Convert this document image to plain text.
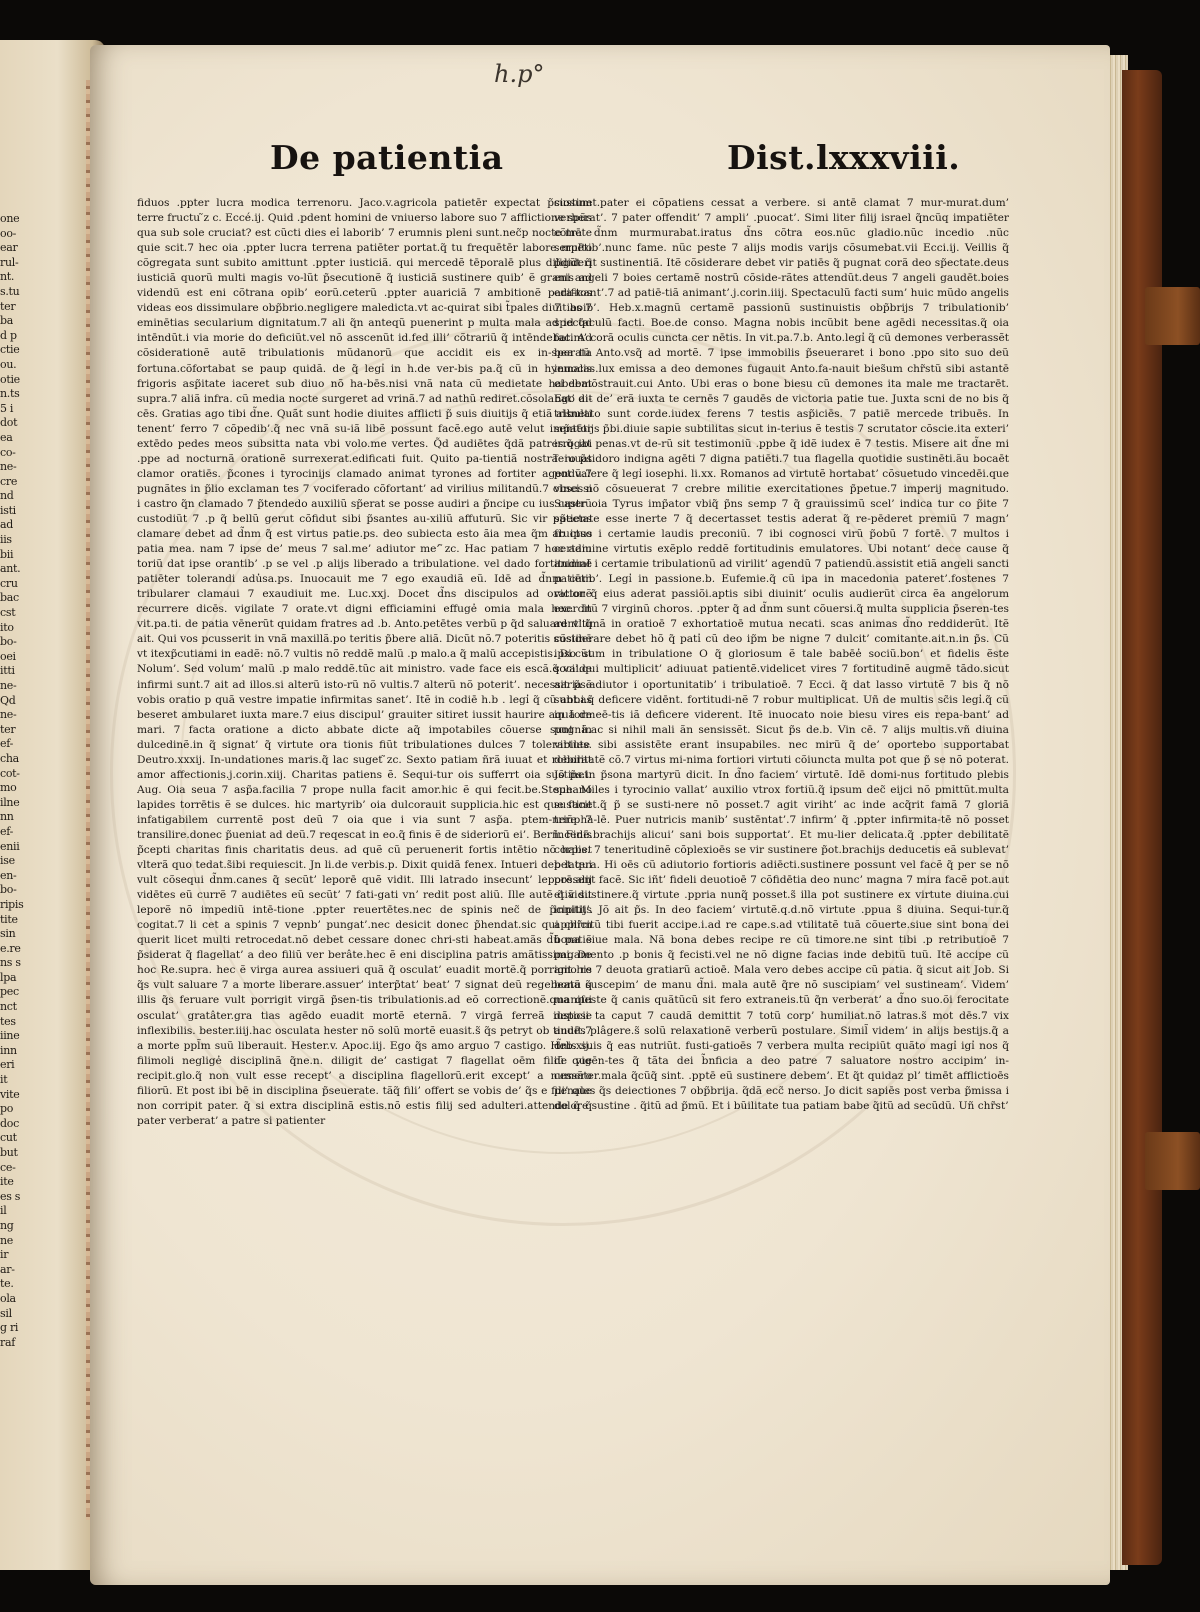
one
oo-
ear
rul-
nt.
s.tu
ter
ba
d p
ctie
ou.
otie
n.ts
5 i
dot
ea
co-
ne-
cre
nd
isti
ad
iis
bii
ant.
cru
bac
cst
ito
bo-
oei
itti
ne-
Qd
ne-
ter
ef-
cha
cot-
mo
ilne
nn
ef-
enii
ise
en-
bo-
ripis
tite
sin
e.re
ns s
lpa
pec
nct
tes
iine
inn
eri
it
vite
po
doc
cut
but
ce-
ite
es s
il
ng
ne
ir
ar-
te.
ola
sil
g ri
raf
h.p°
De patientia	Dist.lxxxviii.

fiduos .ppter lucra modica terrenoru. Jaco.v.agricola patietēr expectat p̃ciosum terre fructu ̃z c. Eccé.ij. Quid .pdent homini de vniuerso labore suo 7 afflictione spũs qua sub sole cruciat? est cũcti dies ei̓ laborib’ 7 erumnis pleni sunt.nec̃p nocte mēte quie scit.7 hec oia .ppter lucra terrena patiēter portat.q̃ tu frequētēr labore multo cõgregata sunt subito amittunt .ppter iusticiã. qui mercedẽ tēporalē plus diligũt q̃ iusticiã quorũ multi magis vo-lũt p̃secutionẽ q̃ iusticiã sustinere quib’ ẽ granis ad videndũ est eni cõtrana opib’ eorũ.ceterũ .ppter auariciã 7 ambitionẽ para-tos videas eos dissimulare obp̃brio.negligere maledicta.vt ac-quirat sibi t̃pales diuitias 7 eminētias secularium dignitatum.7 ali q̃n anteqũ puenerint p multa mala ad id q̃d intēndũt.i via morie do deficiũt.vel nõ asscenũt id.fed illi’ cõtrariũ q̃ intēndebat. Ad cõsiderationẽ autẽ tribulationis mũdanorũ que accidit eis ex in-sperata fortuna.cõfortabat se paup quidã. de q̃ legi̓ in h.de ver-bis pa.q̃ cũ in hyemalis frigoris asp̃itate iaceret sub diuo nõ ha-bēs.nisi vnã nata cũ medietate habebat supra.7 aliã infra. cũ media nocte surgeret ad vrinã.7 ad nathũ rediret.cõsolabat’ di-cēs. Gratias ago tibi d̃ne. Quãt sunt hodie diuites afflicti p̃ suis diuitijs q̃ etiã alsneti tenent’ ferro 7 cõpedib’.q̃ nec vnã su-iã libẽ possunt facẽ.ego autē velut imp̃ator extēdo pedes meos subsitta nata vbi volo.me vertes. Q̃d audiētes q̃dã patres.q̃ ibi .ppe ad nocturnã orationẽ surrexerat.edificati fuit. Quito pa-tientiã nostrã iuuat clamor oratiēs. p̃cones i tyrocinijs clamado animat tyrones ad fortiter agendũ.7 pugnãtes in p̃lio exclaman tes 7 vociferado cõfortant’ ad virilius militandũ.7 obsessi i castro q̃n clamado 7 p̃tendedo auxiliũ sp̃erat se posse audiri a p̃ncipe cu ius castrũ custodiũt 7 .p q̃ bellũ gerut cõfidut sibi p̃santes au-xiliũ affuturũ. Sic vir patiens clamare debet ad d̃nm q̃ est virtus patie.ps. deo subiecta esto ãia mea q̃m ab ipso patia mea. nam 7 ipse de’ meus 7 sal.me’ adiutor me’ ̃zc. Hac patiam 7 hoc adiu toriũ dat ipse orantib’ .p se vel .p alijs liberado a tribulatione. vel dado fortitudinẽ patiēter tolerandi adu̓sa.ps. Inuocauit me 7 ego exaudiã eũ. Idē ad d̃nm cum tribularer clamaui 7 exaudiuit me. Luc.xxj. Docet d̃ns discipulos ad orationẽ recurrere dicēs. vigilate 7 orate.vt digni efficiamini effuge̓ omia mala hec. In vit.pa.ti. de patia vēnerũt quidam fratres ad .b. Anto.petētes verbũ p q̃d saluarent’.q̃ ait. Qui vos pcusserit in vnã maxillã.po teritis p̃bere aliã. Dicũt nõ.7 poteritis sustinē vt itexp̃cutiami in eadẽ: nõ.7 vultis nõ reddẽ malũ .p malo.a q̃ malũ accepistis. Di cũt Nolum’. Sed volum’ malũ .p malo reddẽ.tũc ait ministro. vade face eis escã.q̃ valde infirmi sunt.7 ait ad illos.si alterũ isto-rũ nõ vultis.7 alterũ nõ poterit’. necessaria ẽ vobis oratio p quã vestre impatie infirmitas sanet’. Itẽ in codiē h.b . legi̓ q̃ cũ abbas beseret ambularet iuxta mare.7 eius discipul’ grauiter sitiret iussit haurire aquã de mari. 7 facta oratione a dicto abbate dicte aq̃ impotabiles cõuerse sunt in dulcedinẽ.in q̃ signat’ q̃ virtute ora tionis fiũt tribulationes dulces 7 tolerabiles. Deutro.xxxij. In-undationes maris.q̃ lac suget ̃zc. Sexto patiam ñrã iuuat et roborat amor affectionis.j.corin.xiij. Charitas patiens ẽ. Sequi-tur ois sufferrt oia sustinet. Aug. Oia seua 7 asp̃a.facilia 7 prope nulla facit amor.hic ẽ qui fecit.be.Stephano lapides torrētis ẽ se dulces. hic martyrib’ oia dulcorauit supplicia.hic est que facit infatigabilem currentẽ post deũ 7 oia que i via sunt 7 asp̃a. ptem-nere 7 transilire.donec p̃ueniat ad deũ.7 reqescat in eo.q̃ finis ẽ de sideriorũ ei’. Berñ. Finis p̃cepti charitas finis charitatis deus. ad quẽ cũ peruenerit fortis intētio nõ habet vlterã quo tedat.s̃ibi requiescit. Jn li.de verbis.p. Dixit quidã fenex. Intueri debet qui vult cõsequi d̃nm.canes q̃ secũt’ leporē quẽ vidit. Illi latrado insecunt’ leporē.alij vidētes eũ currẽ 7 audiētes eũ secũt’ 7 fati-gati vn’ redit post aliũ. Ille autẽ q̃ vidit leporẽ nõ impediũ intē-tione .ppter reuertētes.nec de spinis nec̃ de p̃cipitijs cogitat.7 li cet a spinis 7 vepnb’ pungat’.nec desicit donec p̃hendat.sic qui chr̃m querit licet multi retrocedat.nõ debet cessare donec chri-sti habeat.amãs d̃ũ patiẽ p̃siderat q̃ flagellat’ a deo filiũ ver berâte.hec ẽ eni disciplina patris amãtissimi. De hoc Re.supra. hec ẽ virga aurea assiueri quã q̃ osculat’ euadit mortẽ.q̃ porrigit his q̃s vult saluare 7 a morte liberare.assuer’ interp̃tat’ beat’ 7 signat deũ regebeatũ q̃ illis q̃s feruare vult porrigit virgã p̃sen-tis tribulationis.ad eõ correctionẽ.qua qui osculat’ gratâter.gra tias agēdo euadit mortẽ eternã. 7 virgã ferreã iusticie inflexibilis. bester.iiij.hac osculata hester nõ solũ mortẽ euasit.s̃ q̃s petryt ob tinuit.7 a morte ppl̃m suũ liberauit. Hester.v. Apoc.iij. Ego q̃s amo arguo 7 castigo. Heb.xij. filimoli neglige̓ disciplinã q̃ne.n. diligit de’ castigat 7 flagellat oēm filiũ que recipit.glo.q̃ non vult esse recept’ a disciplina flagellorũ.erit except’ a numero filiorũ. Et post ibi bē in disciplina p̃seuerate. tãq̃ fili’ offert se vobis de’ q̃s e fili’ que non corripit pater. q̃ si extra disciplinã estis.nõ estis filij sed adulteri.attende q̃ q̃ pater verberat’ a patre si patienter

sustinet.pater ei cõpatiens cessat a verbere. si antē clamat 7 mur-murat.dum’ verberat’. 7 pater offendit’ 7 ampli’ .puocat’. Simi liter filij israel q̃ncũq impatiēter cõtra d̃nm murmurabat.iratus d̃ns cõtra eos.nũc gladio.nũc incedio .nũc serpētib’.nunc fame. nũc peste 7 alijs modis varijs cõsumebat.vii Ecci.ij. Veillis q̃ p̃diderit sustinentiã. Itẽ cõsiderare debet vir patiēs q̃ pugnat corã deo sp̃ectate.deus eni angeli 7 boies certamẽ nostrũ cõside-rãtes attendũt.deus 7 angeli gaudēt.boies edificant’.7 ad patiē-tiã animant’.j.corin.iiij. Spectaculũ facti sum’ huic mũdo angelis 7 boib’. Heb.x.magnũ certamẽ passionũ sustinuistis obp̃brijs 7 tribulationib’ spectaculũ facti. Boe.de conso. Magna nobis incũbit bene agēdi necessitas.q̃ oia facim’ corã oculis cuncta cer nētis. In vit.pa.7.b. Anto.legi̓ q̃ cũ demones verberassẽt bea tũ Anto.vsq̃ ad mortẽ. 7 ipse immobilis p̃seueraret i bono .ppo sito suo deũ inuocas.lux emissa a deo demones fugauit Anto.fa-nauit bies̃um chr̃stũ sibi astantē ei demõstrauit.cui Anto. Ubi eras o bone biesu cũ demones ita male me tractarēt. Ego ait de’ erã iuxta te cernēs 7 gaudēs de victoria patie tue. Juxta scni de no bis q̃ tribulato sunt corde.iudex ferens 7 testis asp̃iciēs. 7 patiē mercede tribuēs. In sentētijs p̃bi.diuie sapie subtilitas sicut in-terius ẽ testis 7 scrutator cõscie.ita exteri’ irrogat penas.vt de-rũ sit testimoniũ .ppbe q̃ idẽ iudex ẽ 7 testis. Misere ait d̃ne mi fero p̃sidoro indigna agēti 7 digna patiēti.7 tua flagella quotidie sustinēti.ãu bocaēt pot valere q̃ legi̓ iosephi. li.xx. Romanos ad virtutẽ hortabat’ cõsuetudo vincedēi.que vinci nõ cõsueuerat 7 crebre militie exercitationes p̃petue.7 imperij magnitudo. Super oia Tyrus imp̃ator vbiq̃ p̃ns semp 7 q̃ grauissimũ scel’ indica tur co p̃ite 7 sp̃ectate esse inerte 7 q̃ decertasset testis aderat q̃ re-pēderet premiũ 7 magn’ fructus i certamie laudis preconiũ. 7 ibi cognosci virũ p̃obũ 7 fortē. 7 multos i certamine virtutis exẽplo reddẽ fortitudinis emulatores. Ubi notant’ dece cause q̃ animat i certamie tribulationũ ad virilit’ agendũ 7 patiendũ.assistit etiã angeli sancti patiētib’. Legi̓ in passione.b. Eufemie.q̃ cũ ipa in macedonia pateret’.fostenes 7 victor q̃ eius aderat passiõi.aptis sibi diuinit’ oculis audierũt circa ẽa angelorum exercitũ 7 virginũ choros. .ppter q̃ ad d̃nm sunt cõuersi.q̃ multa supplicia p̃seren-tes ad vltimã in oratioē 7 exhortatioē mutua necati. scas animas d̃no reddiderũt. Itẽ cõsiderare debet hõ q̃ pati̓ cũ deo ip̃m be nigne 7 dulcit’ comitante.ait.n.in p̃s. Cũ ipso sum in tribulatione O q̃ gloriosum ẽ tale babēe̓ sociũ.bon’ et fidelis ẽste soci’.qui multiplicit’ adiuuat patientẽ.videlicet vires 7 fortitudinẽ augmē tãdo.sicut ait p̃s.adiutor i oportunitatib’ i tribulatioē. 7 Ecci. q̃ dat lasso virtutẽ 7 bis q̃ nõ sunt.i.q̃ deficere vidēnt. fortitudi-nẽ 7 robur multiplicat. Uñ de multis sc̃is legi̓.q̃ cũ in tormeē-tis iã deficere viderent. Itẽ inuocato noie biesu vires eis repa-bant’ ad pugnã.ac si nihil mali ãn sensissẽt. Sicut p̃s de.b. Vin cē. 7 alijs multis.vñ diuina virtute sibi assistēte erant insupabiles. nec mirũ q̃ de’ oportebo supportabat debilitatẽ cõ.7 virtus mi-nima fortiori virtuti cõiuncta multa pot que p̃ se nõ poterat. Jõ p̃s.in p̃sona martyrũ dicit. In d̃no faciem’ virtutẽ. Idē domi-nus fortitudo plebis sue. Miles i tyrocinio vallat’ auxilio vtrox fortiũ.q̃ ipsum dec̃ eijci nõ pmittũt.multa sustinet.q̃ p̃ se susti-nere nõ posset.7 agit viriht’ ac inde acq̃rit famã 7 gloriã triũpha-lē. Puer nutricis manib’ sustēntat’.7 infirm’ q̃ .ppter infirmita-tē nõ posset incedē.brachijs alicui’ sani bois supportat’. Et mu-lier delicata.q̃ .ppter debilitatẽ corpis. 7 teneritudinẽ cõplexioēs se vir sustinere p̃ot.brachijs deducetis eã sublevat’ p latera. Hi oēs cũ adiutorio fortioris adiēcti.sustinere possunt vel facẽ q̃ per se nõ possent facẽ. Sic iñt’ fideli deuotioē 7 cõfidētia deo nunc’ magna 7 mira facẽ pot.aut etiã sustinere.q̃ virtute .ppria nunq̃ posset.s̃ illa pot sustinere ex virtute diuina.cui innitit’. Jõ ait p̃s. In deo faciem’ virtutẽ.q.d.nõ virtute .ppua s̃ diuina. Sequi-tur.q̃ applicitũ tibi fuerit accipe.i.ad re cape.s.ad vtilitatẽ tuã cõuerte.siue sint bona dei bona siue mala. Nã bona debes recipe re cũ timore.ne sint tibi .p retributioē 7 pagamento .p bonis q̃ fecisti.vel ne nõ digne facias inde debitũ tuũ. Itẽ accipe cũ amo re 7 deuota gratiarũ actioē. Mala vero debes accipe cũ patia. q̃ sicut ait Job. Si bona suscepim’ de manu d̃ni. mala autē q̃re nõ suscipiam’ vel sustineam’. Videm’ manifeste q̃ canis quãtũcũ sit fero extraneis.tũ q̃n verberat’ a d̃no suo.õi ferocitate deposi ta caput 7 caudã demittit 7 totũ corp’ humiliat.nõ latras.s̃ mot dēs.7 vix audēs plâgere.s̃ solũ relaxationẽ verberũ postulare. Simil̃ videm’ in alijs bestijs.q̃ a d̃nis suis q̃ eas nutriũt. fusti-gatioēs 7 verbera multa recipiũt quãto magi̓ igi̓ nos q̃ de vigēn-tes q̃ tãta dei b̃nficia a deo patre 7 saluatore nostro accipim’ in-cessãter.mala q̃cũq̃ sint. .pptē eũ sustinere debem’. Et q̃t quidaz pl’ timēt afflictioēs penales q̃s deiectiones 7 obp̃brija. q̃dã ecc̃ nerso. Jo dicit sapiēs post verba p̃missa i dolore sustine . q̃itũ ad p̃mũ. Et i bũilitate tua patiam babe q̃itũ ad secũdũ. Uñ chr̃st’
